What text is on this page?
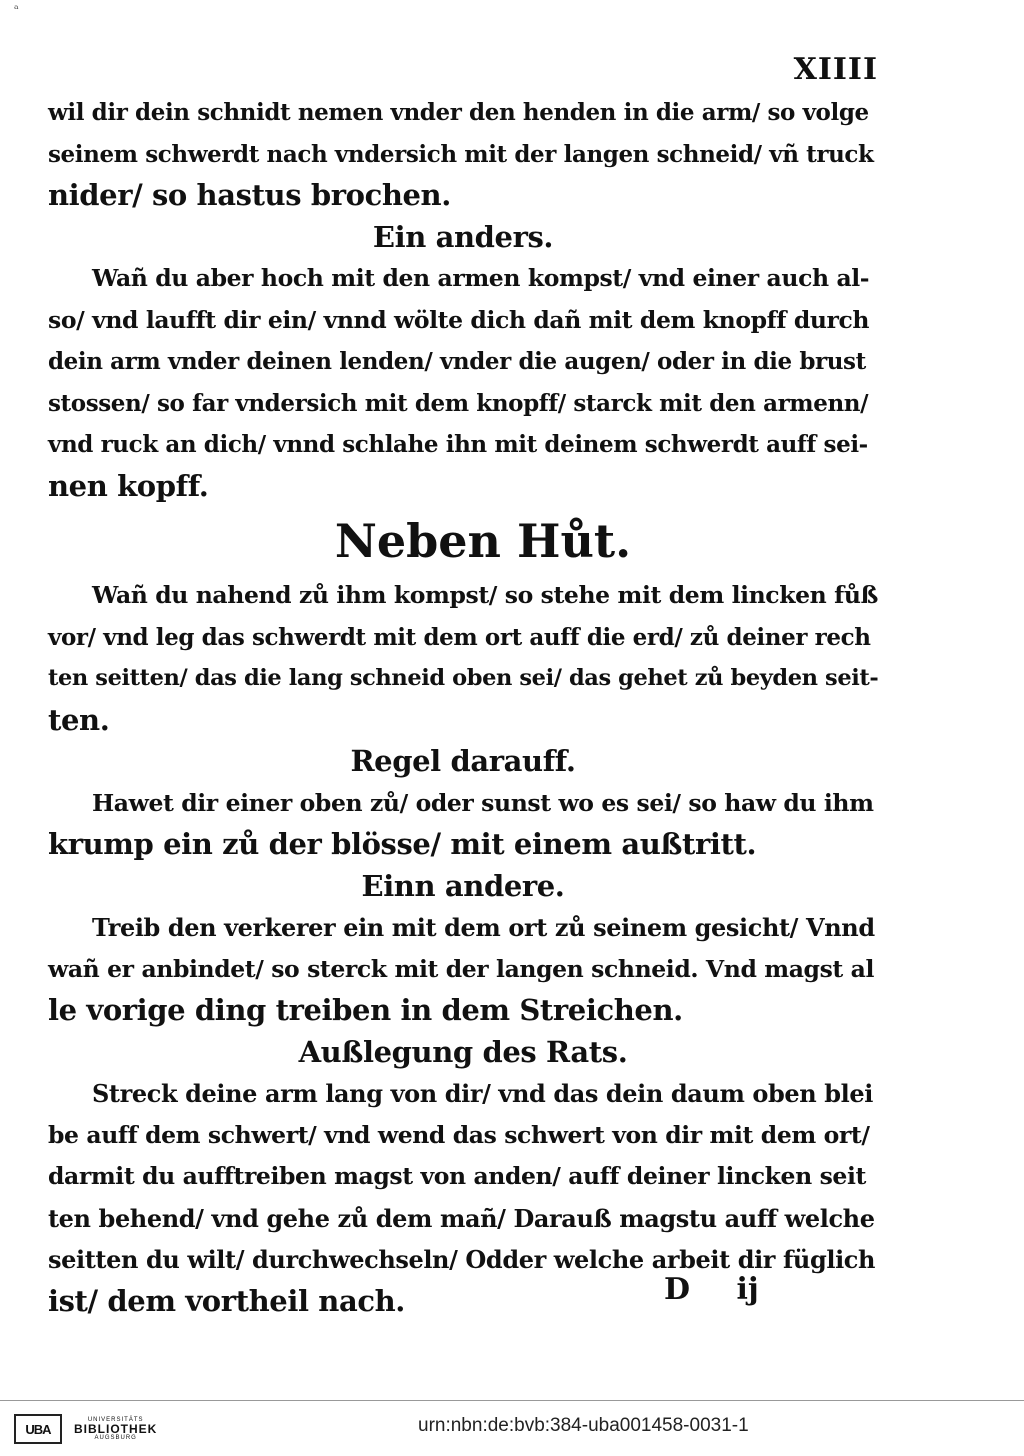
ᵃ
XIIII
wil dir dein schnidt nemen vnder den henden in die arm/ so volge
seinem schwerdt nach vndersich mit der langen schneid/ vñ truck
nider/ so hastus brochen.
Ein anders.
Wañ du aber hoch mit den armen kompst/ vnd einer auch al-
so/ vnd laufft dir ein/ vnnd wölte dich dañ mit dem knopff durch
dein arm vnder deinen lenden/ vnder die augen/ oder in die brust
stossen/ so far vndersich mit dem knopff/ starck mit den armenn/
vnd ruck an dich/ vnnd schlahe ihn mit deinem schwerdt auff sei-
nen kopff.
Neben Hůt.
Wañ du nahend zů ihm kompst/ so stehe mit dem lincken fůß
vor/ vnd leg das schwerdt mit dem ort auff die erd/ zů deiner rech
ten seitten/ das die lang schneid oben sei/ das gehet zů beyden seit-
ten.
Regel darauff.
Hawet dir einer oben zů/ oder sunst wo es sei/ so haw du ihm
krump ein zů der blösse/ mit einem außtritt.
Einn andere.
Treib den verkerer ein mit dem ort zů seinem gesicht/ Vnnd
wañ er anbindet/ so sterck mit der langen schneid. Vnd magst al
le vorige ding treiben in dem Streichen.
Außlegung des Rats.
Streck deine arm lang von dir/ vnd das dein daum oben blei
be auff dem schwert/ vnd wend das schwert von dir mit dem ort/
darmit du aufftreiben magst von anden/ auff deiner lincken seit
ten behend/ vnd gehe zů dem mañ/ Darauß magstu auff welche
seitten du wilt/ durchwechseln/ Odder welche arbeit dir füglich
ist/ dem vortheil nach.	D ij
UBA
UNIVERSITÄTS
BIBLIOTHEK
AUGSBURG
urn:nbn:de:bvb:384-uba001458-0031-1
